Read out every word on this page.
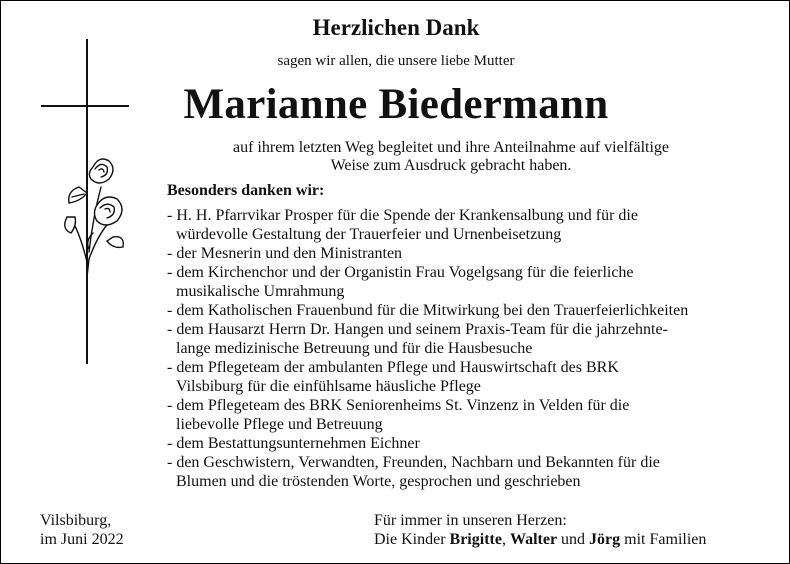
Herzlichen Dank
sagen wir allen, die unsere liebe Mutter
Marianne Biedermann
auf ihrem letzten Weg begleitet und ihre Anteilnahme auf vielfältige
Weise zum Ausdruck gebracht haben.
Besonders danken wir:
- H. H. Pfarrvikar Prosper für die Spende der Krankensalbung und für die
würdevolle Gestaltung der Trauerfeier und Urnenbeisetzung
- der Mesnerin und den Ministranten
- dem Kirchenchor und der Organistin Frau Vogelgsang für die feierliche
musikalische Umrahmung
- dem Katholischen Frauenbund für die Mitwirkung bei den Trauerfeierlichkeiten
- dem Hausarzt Herrn Dr. Hangen und seinem Praxis-Team für die jahrzehnte-
lange medizinische Betreuung und für die Hausbesuche
- dem Pflegeteam der ambulanten Pflege und Hauswirtschaft des BRK
Vilsbiburg für die einfühlsame häusliche Pflege
- dem Pflegeteam des BRK Seniorenheims St. Vinzenz in Velden für die
liebevolle Pflege und Betreuung
- dem Bestattungsunternehmen Eichner
- den Geschwistern, Verwandten, Freunden, Nachbarn und Bekannten für die
Blumen und die tröstenden Worte, gesprochen und geschrieben
Vilsbiburg,
im Juni 2022
Für immer in unseren Herzen:
Die Kinder Brigitte, Walter und Jörg mit Familien
